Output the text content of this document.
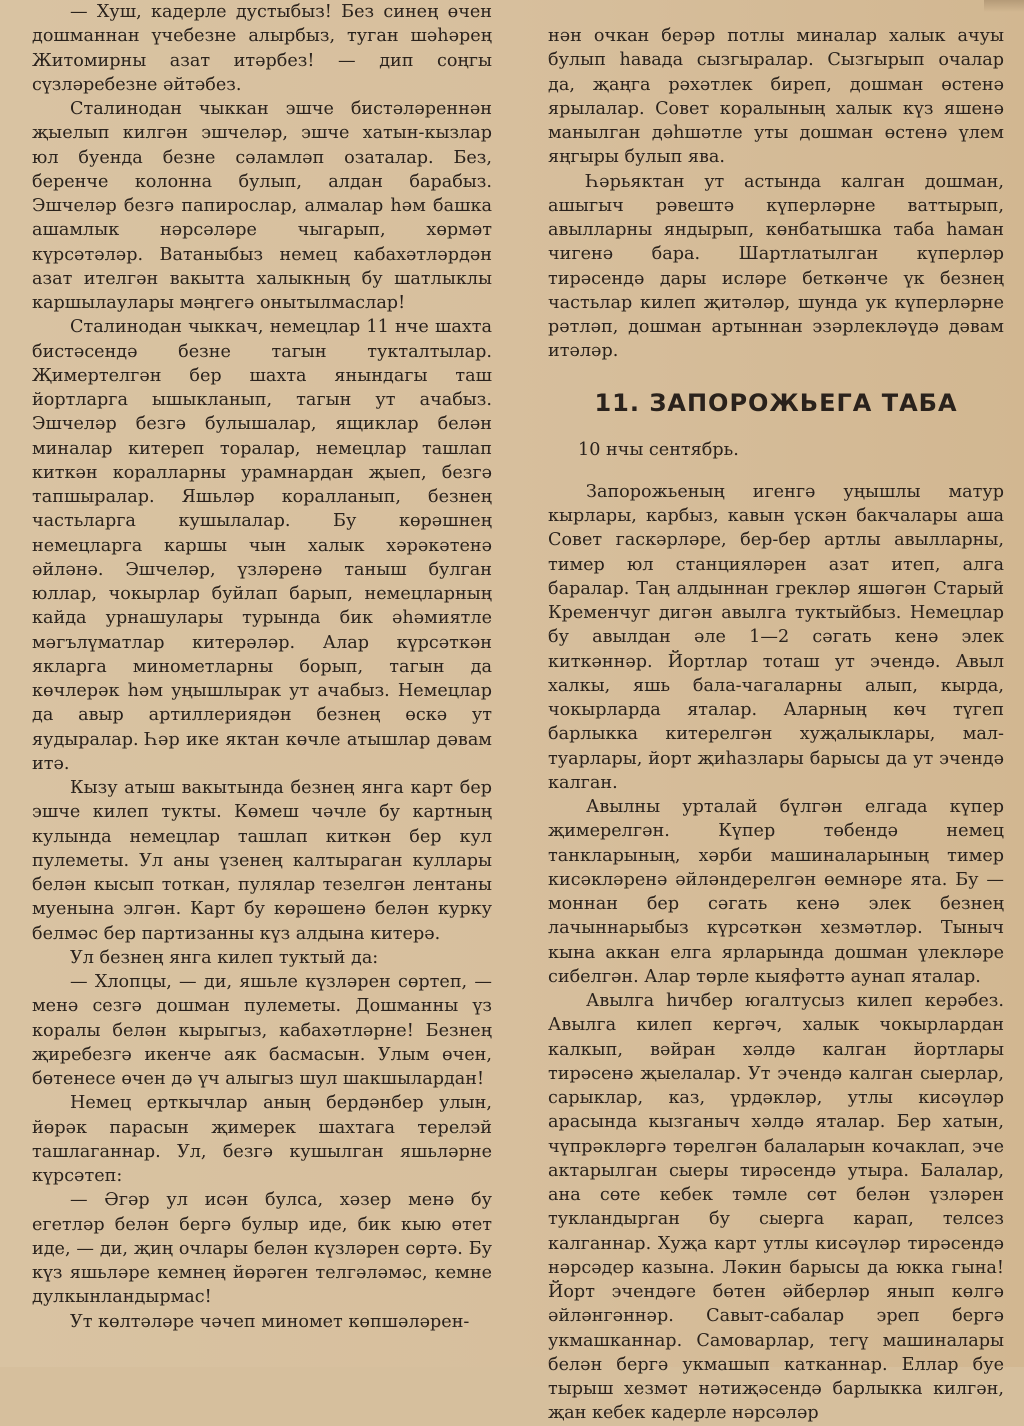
— Хуш, кадерле дустыбыз! Без синең өчен дошманнан үчебезне алырбыз, туган шәһәрең Житомирны азат итәрбез! — дип соңгы сүзләребезне әйтәбез.

Сталинодан чыккан эшче бистәләреннән җыелып килгән эшчеләр, эшче хатын-кызлар юл буенда безне сәламләп озаталар. Без, беренче колонна булып, алдан барабыз. Эшчеләр безгә папирослар, алмалар һәм башка ашамлык нәрсәләре чыгарып, хөрмәт күрсәтәләр. Ватаныбыз немец кабахәтләрдән азат ителгән вакытта халыкның бу шатлыклы каршылаулары мәңгегә онытылмаслар!

Сталинодан чыккач, немецлар 11 нче шахта бистәсендә безне тагын тукталтылар. Җимертелгән бер шахта янындагы таш йортларга ышыкланып, тагын ут ачабыз. Эшчеләр безгә булышалар, ящиклар белән миналар китереп торалар, немецлар ташлап киткән коралларны урамнардан җыеп, безгә тапшыралар. Яшьләр коралланып, безнең частьларга кушылалар. Бу көрәшнең немецларга каршы чын халык хәрәкәтенә әйләнә. Эшчеләр, үзләренә таныш булган юллар, чокырлар буйлап барып, немецларның кайда урнашулары турында бик әһәмиятле мәгълүматлар китерәләр. Алар күрсәткән якларга минометларны борып, тагын да көчлерәк һәм уңышлырак ут ачабыз. Немецлар да авыр артиллериядән безнең өскә ут яудыралар. Һәр ике яктан көчле атышлар дәвам итә.

Кызу атыш вакытында безнең янга карт бер эшче килеп тукты. Көмеш чәчле бу картның кулында немецлар ташлап киткән бер кул пулеметы. Ул аны үзенең калтыраган куллары белән кысып тоткан, пулялар тезелгән лентаны муенына элгән. Карт бу көрәшенә белән курку белмәс бер партизанны күз алдына китерә.

Ул безнең янга килеп туктый да:

— Хлопцы, — ди, яшьле күзләрен сөртеп, — менә сезгә дошман пулеметы. Дошманны үз коралы белән кырыгыз, кабахәтләрне! Безнең җиребезгә икенче аяк басмасын. Улым өчен, бөтенесе өчен дә үч алыгыз шул шакшылардан!

Немец ерткычлар аның бердәнбер улын, йөрәк парасын җимерек шахтага терелэй ташлаганнар. Ул, безгә кушылган яшьләрне күрсәтеп:

— Әгәр ул исән булса, хәзер менә бу егетләр белән бергә булыр иде, бик кыю өтет иде, — ди, җиң очлары белән күзләрен сөртә. Бу күз яшьләре кемнең йөрәген телгәләмәс, кемне дулкынландырмас!

Ут көлтәләре чәчеп миномет көпшәләрен-

нән очкан берәр потлы миналар халык ачуы булып һавада сызгыралар. Сызгырып очалар да, җаңга рәхәтлек биреп, дошман өстенә ярылалар. Совет коралының халык күз яшенә манылган дәһшәтле уты дошман өстенә үлем яңгыры булып ява.

Һәрьяктан ут астында калган дошман, ашыгыч рәвештә күперләрне ваттырып, авылларны яндырып, көнбатышка таба һаман чигенә бара. Шартлатылган күперләр тирәсендә дары исләре беткәнче үк безнең частьлар килеп җитәләр, шунда ук күперләрне рәтләп, дошман артыннан эзәрлекләүдә дәвам итәләр.

11. ЗАПОРОЖЬЕГА ТАБА

10 нчы сентябрь.

Запорожьеның игенгә уңышлы матур кырлары, карбыз, кавын үскән бакчалары аша Совет гаскәрләре, бер-бер артлы авылларны, тимер юл станцияләрен азат итеп, алга баралар. Таң алдыннан грекләр яшәгән Старый Кременчуг дигән авылга туктыйбыз. Немецлар бу авылдан әле 1—2 сәгать кенә элек киткәннәр. Йортлар тоташ ут эчендә. Авыл халкы, яшь бала-чагаларны алып, кырда, чокырларда яталар. Аларның көч түгеп барлыкка китерелгән хуҗалыклары, мал-туарлары, йорт җиһазлары барысы да ут эчендә калган.

Авылны урталай бүлгән елгада күпер җимерелгән. Күпер төбендә немец танкларының, хәрби машиналарының тимер кисәкләренә әйләндерелгән өемнәре ята. Бу — моннан бер сәгать кенә элек безнең лачыннарыбыз күрсәткән хезмәтләр. Тыныч кына аккан елга ярларында дошман үлекләре сибелгән. Алар төрле кыяфәттә аунап яталар.

Авылга һичбер югалтусыз килеп керәбез. Авылга килеп кергәч, халык чокырлардан калкып, вәйран хәлдә калган йортлары тирәсенә җыелалар. Ут эчендә калган сыерлар, сарыклар, каз, үрдәкләр, утлы кисәүләр арасында кызганыч хәлдә яталар. Бер хатын, чүпрәкләргә төрелгән балаларын кочаклап, эче актарылган сыеры тирәсендә утыра. Балалар, ана сөте кебек тәмле сөт белән үзләрен тукландырган бу сыерга карап, телсез калганнар. Хуҗа карт утлы кисәүләр тирәсендә нәрсәдер казына. Ләкин барысы да юкка гына! Йорт эчендәге бөтен әйберләр янып көлгә әйләнгәннәр. Савыт-сабалар эреп бергә укмашканнар. Самоварлар, тегү машиналары белән бергә укмашып катканнар. Еллар буе тырыш хезмәт нәтиҗәсендә барлыкка килгән, җан кебек кадерле нәрсәләр
